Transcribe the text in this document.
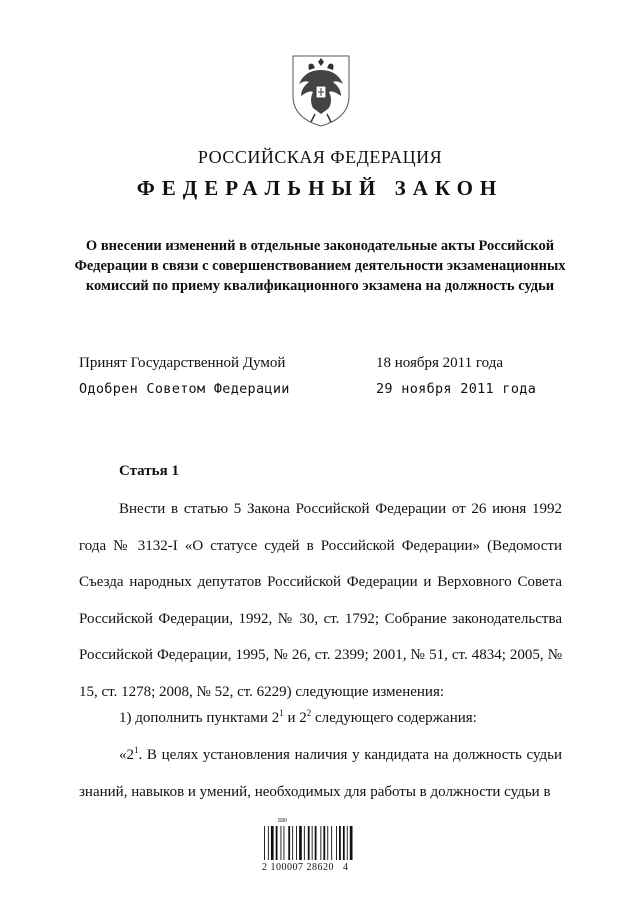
РОССИЙСКАЯ ФЕДЕРАЦИЯ

ФЕДЕРАЛЬНЫЙ ЗАКОН

О внесении изменений в отдельные законодательные акты Российской Федерации в связи с совершенствованием деятельности экзаменационных комиссий по приему квалификационного экзамена на должность судьи

Принят Государственной Думой	18 ноября 2011 года

Одобрен Советом Федерации	29 ноября 2011 года

Статья 1

Внести в статью 5 Закона Российской Федерации от 26 июня 1992 года № 3132-I «О статусе судей в Российской Федерации» (Ведомости Съезда народных депутатов Российской Федерации и Верховного Совета Российской Федерации, 1992, № 30, ст. 1792; Собрание законодательства Российской Федерации, 1995, № 26, ст. 2399; 2001, № 51, ст. 4834; 2005, № 15, ст. 1278; 2008, № 52, ст. 6229) следующие изменения:

1) дополнить пунктами $2^1$ и $2^2$ следующего содержания:

«$2^1$. В целях установления наличия у кандидата на должность судьи знаний, навыков и умений, необходимых для работы в должности судьи в

Ш0
2 100007 28620   4
